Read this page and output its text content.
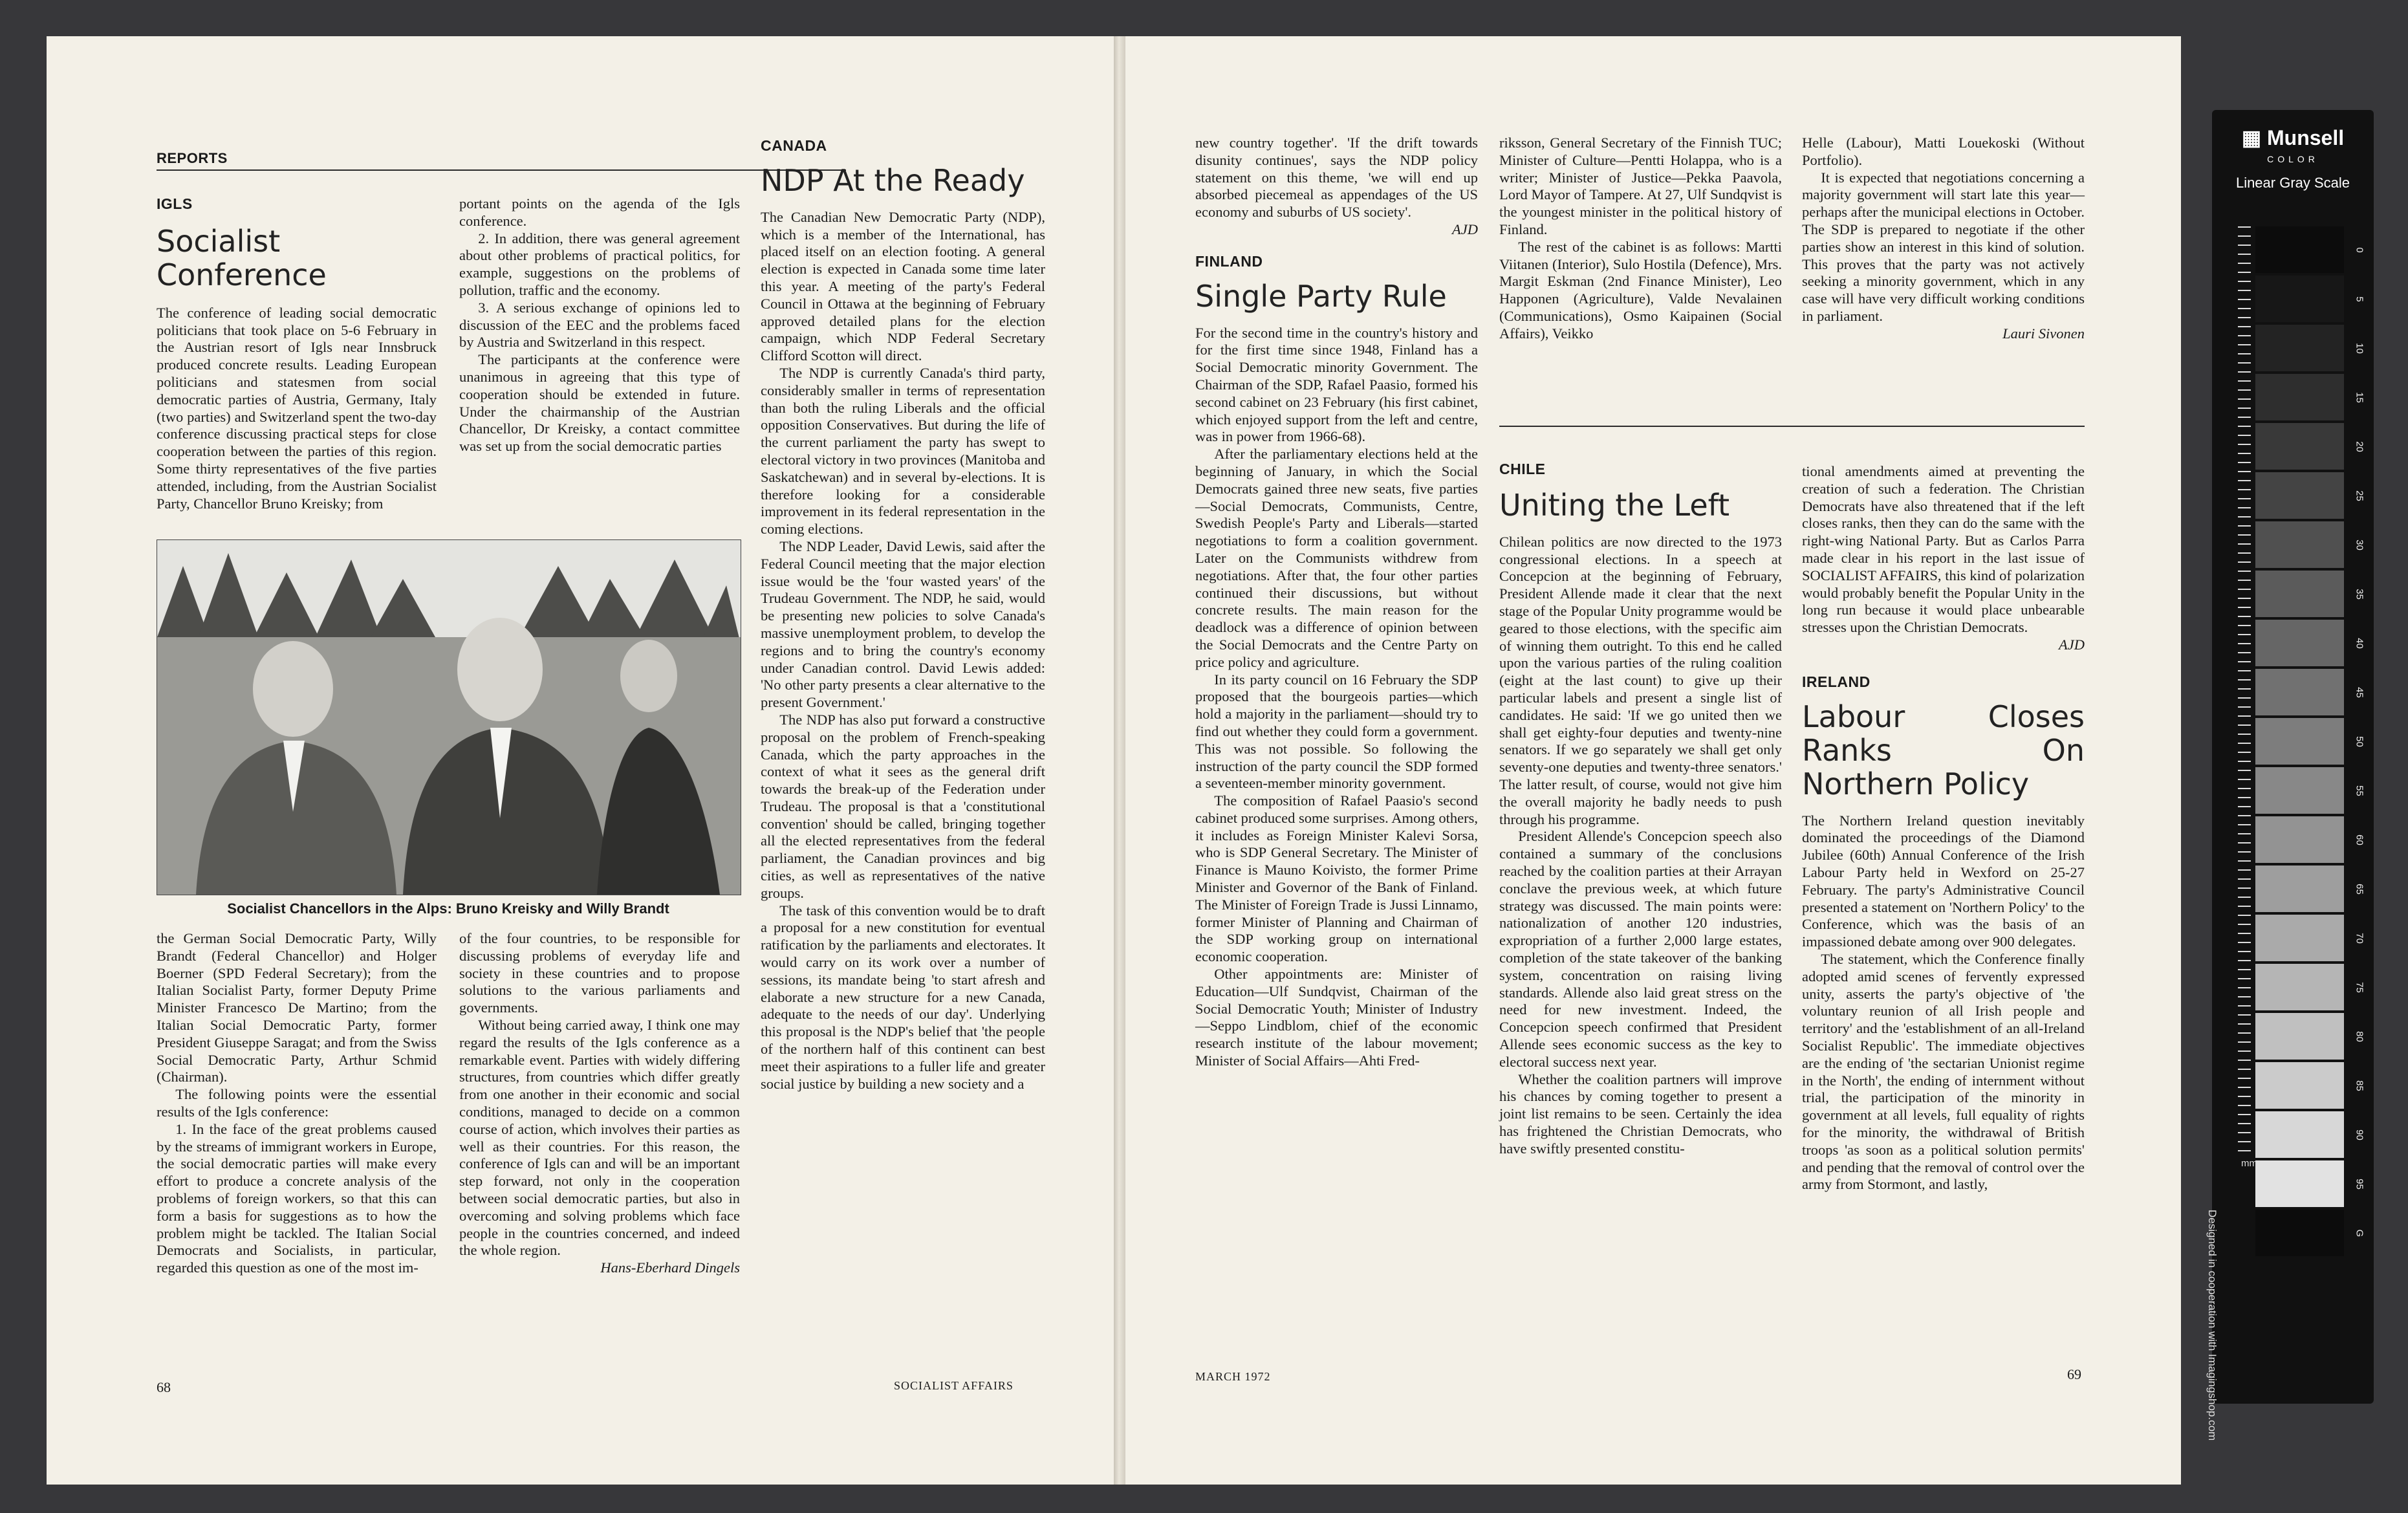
REPORTS
IGLS
Socialist Conference

The conference of leading social democratic politicians that took place on 5-6 February in the Austrian resort of Igls near Innsbruck produced concrete results. Leading European politicians and statesmen from social democratic parties of Austria, Germany, Italy (two parties) and Switzerland spent the two-day conference discussing practical steps for close cooperation between the parties of this region. Some thirty representatives of the five parties attended, including, from the Austrian Socialist Party, Chancellor Bruno Kreisky; from

portant points on the agenda of the Igls conference.

2. In addition, there was general agreement about other problems of practical politics, for example, suggestions on the problems of pollution, traffic and the economy.

3. A serious exchange of opinions led to discussion of the EEC and the problems faced by Austria and Switzerland in this respect.

The participants at the conference were unanimous in agreeing that this type of cooperation should be extended in future. Under the chairmanship of the Austrian Chancellor, Dr Kreisky, a contact committee was set up from the social democratic parties

Socialist Chancellors in the Alps: Bruno Kreisky and Willy Brandt

the German Social Democratic Party, Willy Brandt (Federal Chancellor) and Holger Boerner (SPD Federal Secretary); from the Italian Socialist Party, former Deputy Prime Minister Francesco De Martino; from the Italian Social Democratic Party, former President Giuseppe Saragat; and from the Swiss Social Democratic Party, Arthur Schmid (Chairman).

The following points were the essential results of the Igls conference:

1. In the face of the great problems caused by the streams of immigrant workers in Europe, the social democratic parties will make every effort to produce a concrete analysis of the problems of foreign workers, so that this can form a basis for suggestions as to how the problem might be tackled. The Italian Social Democrats and Socialists, in particular, regarded this question as one of the most im-

of the four countries, to be responsible for discussing problems of everyday life and society in these countries and to propose solutions to the various parliaments and governments.

Without being carried away, I think one may regard the results of the Igls conference as a remarkable event. Parties with widely differing structures, from countries which differ greatly from one another in their economic and social conditions, managed to decide on a common course of action, which involves their parties as well as their countries. For this reason, the conference of Igls can and will be an important step forward, not only in the cooperation between social democratic parties, but also in overcoming and solving problems which face people in the countries concerned, and indeed the whole region.

Hans-Eberhard Dingels
CANADA
NDP At the Ready

The Canadian New Democratic Party (NDP), which is a member of the International, has placed itself on an election footing. A general election is expected in Canada some time later this year. A meeting of the party's Federal Council in Ottawa at the beginning of February approved detailed plans for the election campaign, which NDP Federal Secretary Clifford Scotton will direct.

The NDP is currently Canada's third party, considerably smaller in terms of representation than both the ruling Liberals and the official opposition Conservatives. But during the life of the current parliament the party has swept to electoral victory in two provinces (Manitoba and Saskatchewan) and in several by-elections. It is therefore looking for a considerable improvement in its federal representation in the coming elections.

The NDP Leader, David Lewis, said after the Federal Council meeting that the major election issue would be the 'four wasted years' of the Trudeau Government. The NDP, he said, would be presenting new policies to solve Canada's massive unemployment problem, to develop the regions and to bring the country's economy under Canadian control. David Lewis added: 'No other party presents a clear alternative to the present Government.'

The NDP has also put forward a constructive proposal on the problem of French-speaking Canada, which the party approaches in the context of what it sees as the general drift towards the break-up of the Federation under Trudeau. The proposal is that a 'constitutional convention' should be called, bringing together all the elected representatives from the federal parliament, the Canadian provinces and big cities, as well as representatives of the native groups.

The task of this convention would be to draft a proposal for a new constitution for eventual ratification by the parliaments and electorates. It would carry on its work over a number of sessions, its mandate being 'to start afresh and elaborate a new structure for a new Canada, adequate to the needs of our day'. Underlying this proposal is the NDP's belief that 'the people of the northern half of this continent can best meet their aspirations to a fuller life and greater social justice by building a new society and a

68	SOCIALIST AFFAIRS

new country together'. 'If the drift towards disunity continues', says the NDP policy statement on this theme, 'we will end up absorbed piecemeal as appendages of the US economy and suburbs of US society'.

AJD
FINLAND
Single Party Rule

For the second time in the country's history and for the first time since 1948, Finland has a Social Democratic minority Government. The Chairman of the SDP, Rafael Paasio, formed his second cabinet on 23 February (his first cabinet, which enjoyed support from the left and centre, was in power from 1966-68).

After the parliamentary elections held at the beginning of January, in which the Social Democrats gained three new seats, five parties—Social Democrats, Communists, Centre, Swedish People's Party and Liberals—started negotiations to form a coalition government. Later on the Communists withdrew from negotiations. After that, the four other parties continued their discussions, but without concrete results. The main reason for the deadlock was a difference of opinion between the Social Democrats and the Centre Party on price policy and agriculture.

In its party council on 16 February the SDP proposed that the bourgeois parties—which hold a majority in the parliament—should try to find out whether they could form a government. This was not possible. So following the instruction of the party council the SDP formed a seventeen-member minority government.

The composition of Rafael Paasio's second cabinet produced some surprises. Among others, it includes as Foreign Minister Kalevi Sorsa, who is SDP General Secretary. The Minister of Finance is Mauno Koivisto, the former Prime Minister and Governor of the Bank of Finland. The Minister of Foreign Trade is Jussi Linnamo, former Minister of Planning and Chairman of the SDP working group on international economic cooperation.

Other appointments are: Minister of Education—Ulf Sundqvist, Chairman of the Social Democratic Youth; Minister of Industry—Seppo Lindblom, chief of the economic research institute of the labour movement; Minister of Social Affairs—Ahti Fred-

riksson, General Secretary of the Finnish TUC; Minister of Culture—Pentti Holappa, who is a writer; Minister of Justice—Pekka Paavola, Lord Mayor of Tampere. At 27, Ulf Sundqvist is the youngest minister in the political history of Finland.

The rest of the cabinet is as follows: Martti Viitanen (Interior), Sulo Hostila (Defence), Mrs. Margit Eskman (2nd Finance Minister), Leo Happonen (Agriculture), Valde Nevalainen (Communications), Osmo Kaipainen (Social Affairs), Veikko

Helle (Labour), Matti Louekoski (Without Portfolio).

It is expected that negotiations concerning a majority government will start late this year—perhaps after the municipal elections in October. The SDP is prepared to negotiate if the other parties show an interest in this kind of solution. This proves that the party was not actively seeking a minority government, which in any case will have very difficult working conditions in parliament.

Lauri Sivonen
CHILE
Uniting the Left

Chilean politics are now directed to the 1973 congressional elections. In a speech at Concepcion at the beginning of February, President Allende made it clear that the next stage of the Popular Unity programme would be geared to those elections, with the specific aim of winning them outright. To this end he called upon the various parties of the ruling coalition (eight at the last count) to give up their particular labels and present a single list of candidates. He said: 'If we go united then we shall get eighty-four deputies and twenty-nine senators. If we go separately we shall get only seventy-one deputies and twenty-three senators.' The latter result, of course, would not give him the overall majority he badly needs to push through his programme.

President Allende's Concepcion speech also contained a summary of the conclusions reached by the coalition parties at their Arrayan conclave the previous week, at which future strategy was discussed. The main points were: nationalization of another 120 industries, expropriation of a further 2,000 large estates, completion of the state takeover of the banking system, concentration on raising living standards. Allende also laid great stress on the need for new investment. Indeed, the Concepcion speech confirmed that President Allende sees economic success as the key to electoral success next year.

Whether the coalition partners will improve his chances by coming together to present a joint list remains to be seen. Certainly the idea has frightened the Christian Democrats, who have swiftly presented constitu-

tional amendments aimed at preventing the creation of such a federation. The Christian Democrats have also threatened that if the left closes ranks, then they can do the same with the right-wing National Party. But as Carlos Parra made clear in his report in the last issue of SOCIALIST AFFAIRS, this kind of polarization would probably benefit the Popular Unity in the long run because it would place unbearable stresses upon the Christian Democrats.

AJD
IRELAND
Labour Closes Ranks On Northern Policy

The Northern Ireland question inevitably dominated the proceedings of the Diamond Jubilee (60th) Annual Conference of the Irish Labour Party held in Wexford on 25-27 February. The party's Administrative Council presented a statement on 'Northern Policy' to the Conference, which was the basis of an impassioned debate among over 900 delegates.

The statement, which the Conference finally adopted amid scenes of fervently expressed unity, asserts the party's objective of 'the voluntary reunion of all Irish people and territory' and the 'establishment of an all-Ireland Socialist Republic'. The immediate objectives are the ending of 'the sectarian Unionist regime in the North', the ending of internment without trial, the participation of the minority in government at all levels, full equality of rights for the minority, the withdrawal of British troops 'as soon as a political solution permits' and pending that the removal of control over the army from Stormont, and lastly,

MARCH 1972	69
▦ Munsell
COLOR
Linear Gray Scale
0
5
10
15
20
25
30
35
40
45
50
55
60
65
70
75
80
85
90
95
G
mm
Designed in cooperation with Imagingshop.com
